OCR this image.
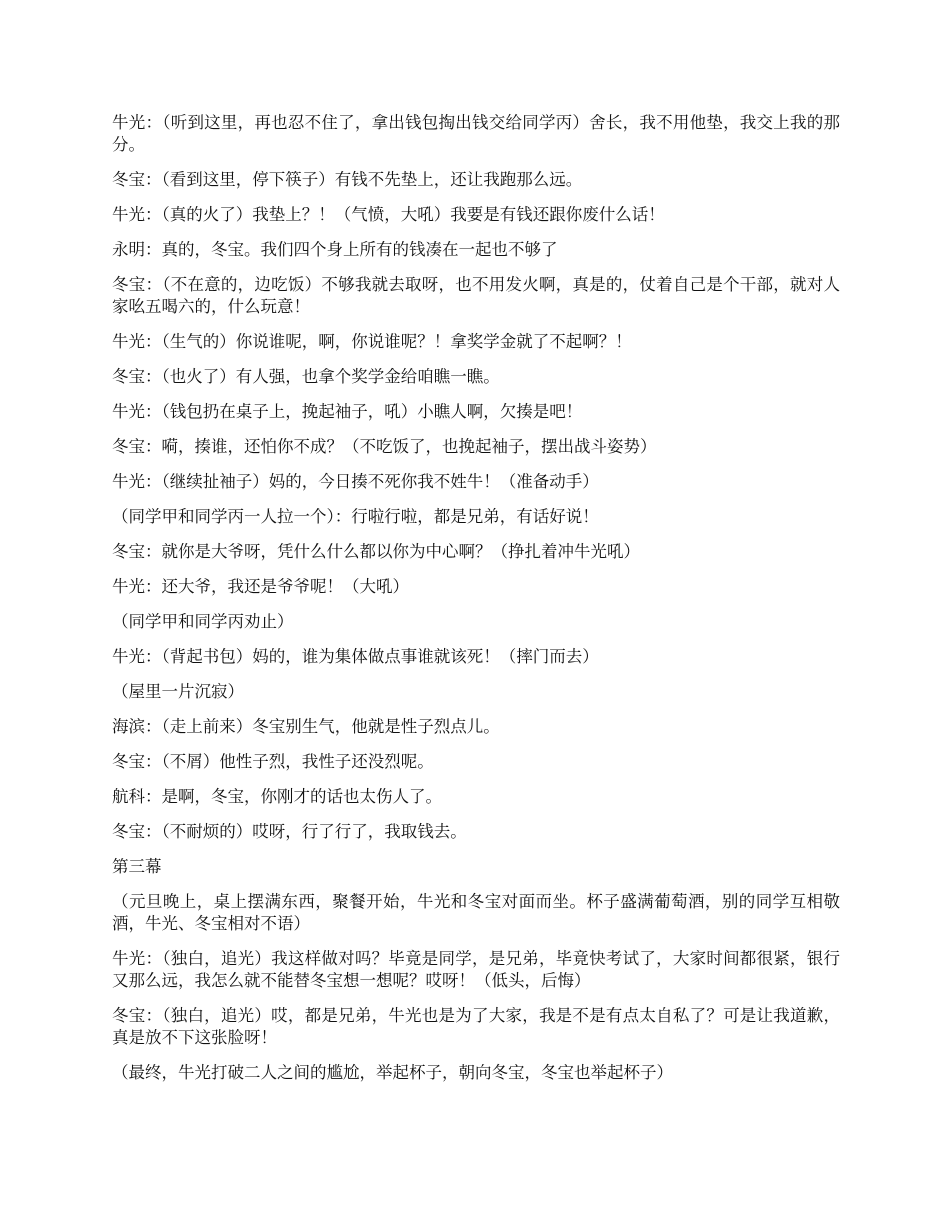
牛光：（听到这里，再也忍不住了，拿出钱包掏出钱交给同学丙）舍长，我不用他垫，我交上我的那分。

冬宝：（看到这里，停下筷子）有钱不先垫上，还让我跑那么远。

牛光：（真的火了）我垫上？！（气愤，大吼）我要是有钱还跟你废什么话！

永明：真的，冬宝。我们四个身上所有的钱凑在一起也不够了

冬宝：（不在意的，边吃饭）不够我就去取呀，也不用发火啊，真是的，仗着自己是个干部，就对人家吆五喝六的，什么玩意！

牛光：（生气的）你说谁呢，啊，你说谁呢？！拿奖学金就了不起啊？！

冬宝：（也火了）有人强，也拿个奖学金给咱瞧一瞧。

牛光：（钱包扔在桌子上，挽起袖子，吼）小瞧人啊，欠揍是吧！

冬宝：嗬，揍谁，还怕你不成？（不吃饭了，也挽起袖子，摆出战斗姿势）

牛光：（继续扯袖子）妈的，今日揍不死你我不姓牛！（准备动手）

（同学甲和同学丙一人拉一个）：行啦行啦，都是兄弟，有话好说！

冬宝：就你是大爷呀，凭什么什么都以你为中心啊？（挣扎着冲牛光吼）

牛光：还大爷，我还是爷爷呢！（大吼）

（同学甲和同学丙劝止）

牛光：（背起书包）妈的，谁为集体做点事谁就该死！（摔门而去）

（屋里一片沉寂）

海滨：（走上前来）冬宝别生气，他就是性子烈点儿。

冬宝：（不屑）他性子烈，我性子还没烈呢。

航科：是啊，冬宝，你刚才的话也太伤人了。

冬宝：（不耐烦的）哎呀，行了行了，我取钱去。

第三幕

（元旦晚上，桌上摆满东西，聚餐开始，牛光和冬宝对面而坐。杯子盛满葡萄酒，别的同学互相敬酒，牛光、冬宝相对不语）

牛光：（独白，追光）我这样做对吗？毕竟是同学，是兄弟，毕竟快考试了，大家时间都很紧，银行又那么远，我怎么就不能替冬宝想一想呢？哎呀！（低头，后悔）

冬宝：（独白，追光）哎，都是兄弟，牛光也是为了大家，我是不是有点太自私了？可是让我道歉，真是放不下这张脸呀！

（最终，牛光打破二人之间的尴尬，举起杯子，朝向冬宝，冬宝也举起杯子）
